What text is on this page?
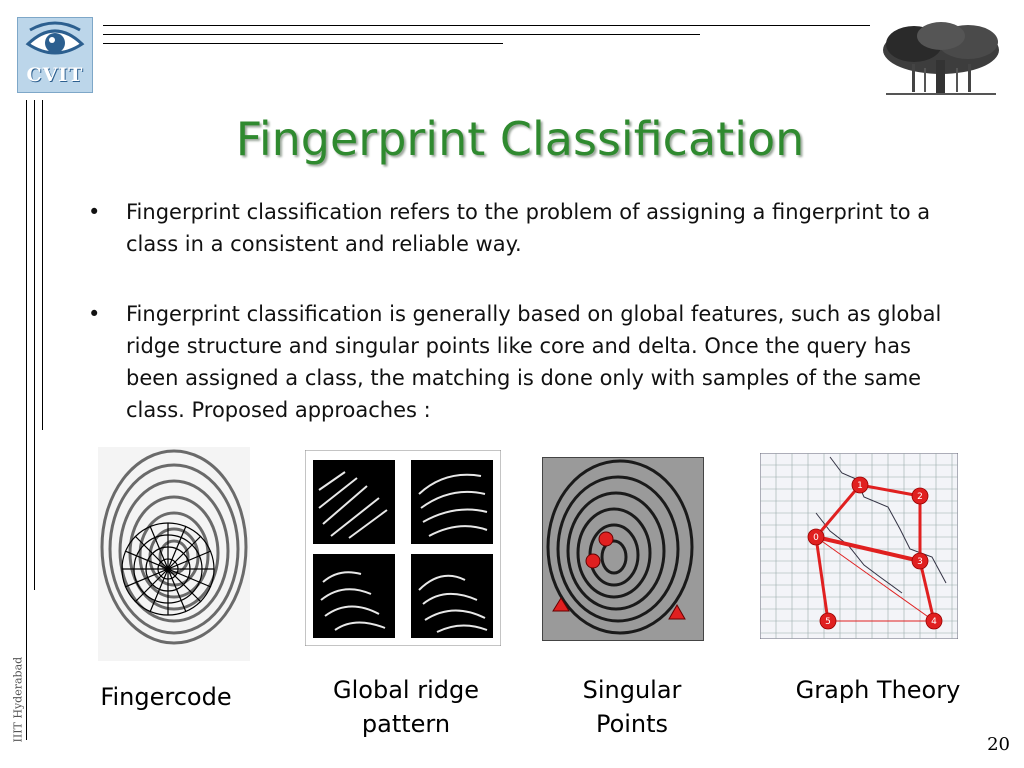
CVIT
Fingerprint Classification
• Fingerprint classification refers to the problem of assigning a fingerprint to a class in a consistent and reliable way.
• Fingerprint classification is generally based on global features, such as global ridge structure and singular points like core and delta. Once the query has been assigned a class, the matching is done only with samples of the same class. Proposed approaches :
Fingercode	Global ridge pattern
Singular Points
0
1
2
3
4
5
Graph Theory
IIIT Hyderabad
20
